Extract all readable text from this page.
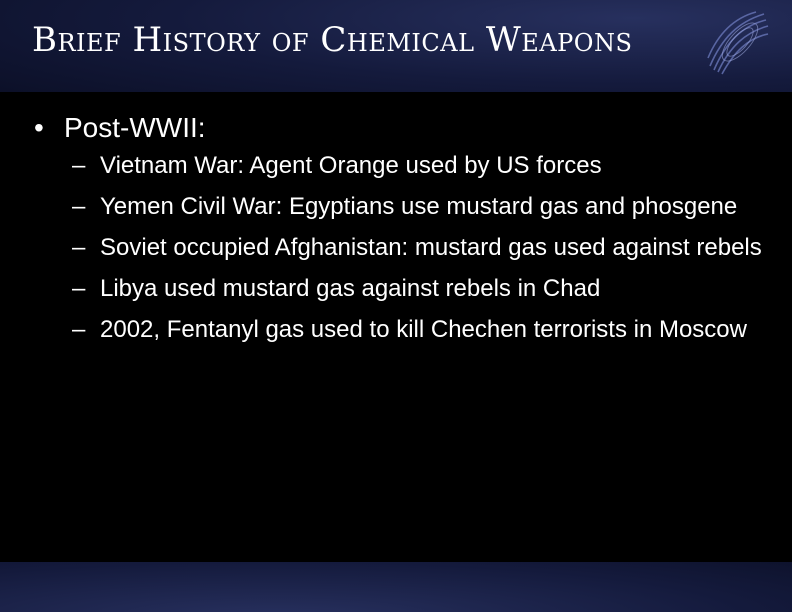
Brief History of Chemical Weapons
• Post-WWII:
– Vietnam War: Agent Orange used by US forces
– Yemen Civil War: Egyptians use mustard gas and phosgene
– Soviet occupied Afghanistan: mustard gas used against rebels
– Libya used mustard gas against rebels in Chad
– 2002, Fentanyl gas used to kill Chechen terrorists in Moscow
